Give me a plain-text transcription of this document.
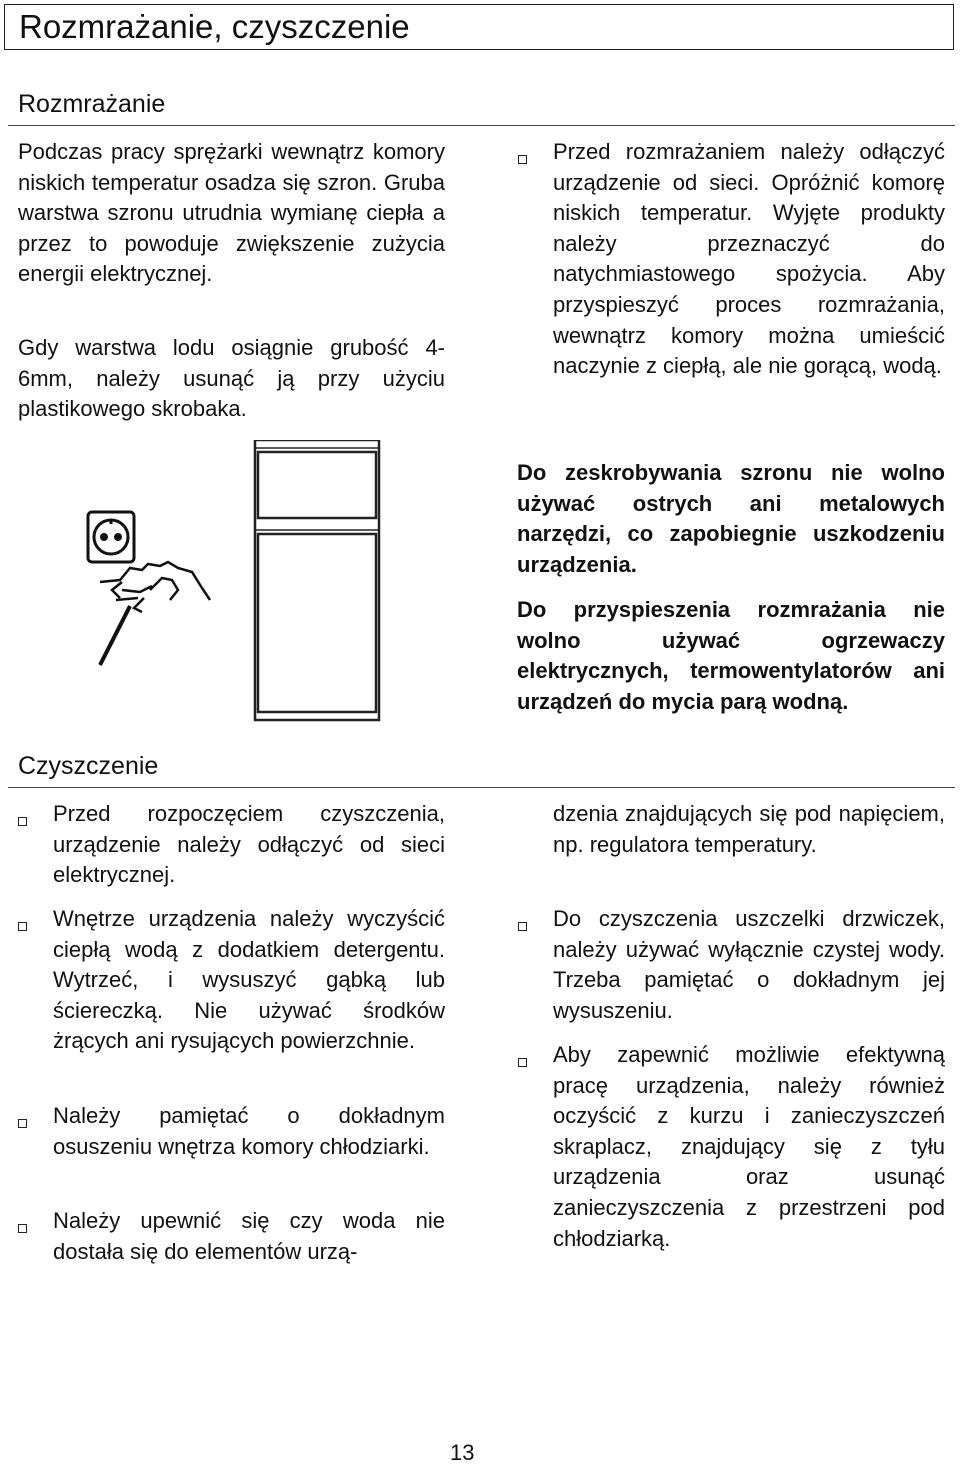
Rozmrażanie, czyszczenie
Rozmrażanie

Podczas pracy sprężarki wewnątrz komory niskich temperatur osadza się szron. Gruba warstwa szronu utrudnia wymianę ciepła a przez to powoduje zwiększenie zużycia energii elektrycznej.

Gdy warstwa lodu osiągnie grubość 4-6mm, należy usunąć ją przy użyciu plastikowego skrobaka.

Przed rozmrażaniem należy odłączyć urządzenie od sieci. Opróżnić komorę niskich temperatur. Wyjęte produkty należy przeznaczyć do natychmiastowego spożycia. Aby przyspieszyć proces rozmrażania, wewnątrz komory można umieścić naczynie z ciepłą, ale nie gorącą, wodą.

Do zeskrobywania szronu nie wolno używać ostrych ani metalowych narzędzi, co zapobiegnie uszkodzeniu urządzenia.

Do przyspieszenia rozmrażania nie wolno używać ogrzewaczy elektrycznych, termowentylatorów ani urządzeń do mycia parą wodną.

Czyszczenie

Przed rozpoczęciem czyszczenia, urządzenie należy odłączyć od sieci elektrycznej.

Wnętrze urządzenia należy wyczyścić ciepłą wodą z dodatkiem detergentu. Wytrzeć, i wysuszyć gąbką lub ściereczką. Nie używać środków żrących ani rysujących powierzchnie.

Należy pamiętać o dokładnym osuszeniu wnętrza komory chłodziarki.

Należy upewnić się czy woda nie dostała się do elementów urzą-

dzenia znajdujących się pod napięciem, np. regulatora temperatury.

Do czyszczenia uszczelki drzwiczek, należy używać wyłącznie czystej wody. Trzeba pamiętać o dokładnym jej wysuszeniu.

Aby zapewnić możliwie efektywną pracę urządzenia, należy również oczyścić z kurzu i zanieczyszczeń skraplacz, znajdujący się z tyłu urządzenia oraz usunąć zanieczyszczenia z przestrzeni pod chłodziarką.

13
